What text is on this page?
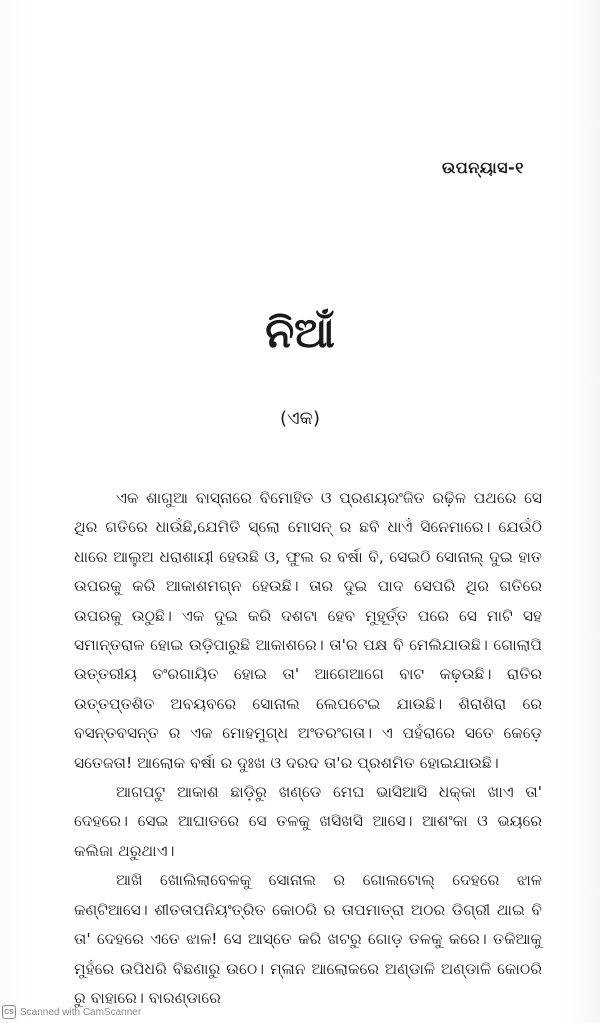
ଉପନ୍ୟାସ-୧
ନିଆଁ
(ଏକ)

ଏକ ଶାଗୁଆ ବାସ୍ନାରେ ବିମୋହିତ ଓ ପ୍ରଣୟରଂଜିତ ରଢ଼ିଳ ପଥରେ ସେ ଥିର ଗତିରେ ଧାଉଁଛି,ଯେମିତି ସ୍ଲୋ ମୋସନ୍ ର ଛବି ଧାଏଁ ସିନେମାରେ। ଯେଉଁଠି ଧାରେ ଆଲୁଅ ଧରାଶାୟୀ ହେଉଛି ଓ, ଫୁଲ ର ବର୍ଷା ବି, ସେଇଠି ସୋନାଲ୍ ଦୁଇ ହାତ ଉପରକୁ କରି ଆକାଶମଗ୍ନ ହେଉଛି। ତାର ଦୁଇ ପାଦ ସେପରି ଥିର ଗତିରେ ଉପରକୁ ଉଠୁଛି। ଏକ ଦୁଇ କରି ଦଶଟା ହେବ ମୁହୂର୍ତ୍ତ ପରେ ସେ ମାଟି ସହ ସମାନ୍ତରାଳ ହୋଇ ଉଡ଼ିପାରୁଛି ଆକାଶରେ। ତା'ର ପକ୍ଷ ବି ମେଲିଯାଉଛି। ଗୋଲାପି ଉତ୍ତରୀୟ ତଂରଗାୟିତ ହୋଇ ତା' ଆଗେଆଗେ ବାଟ କଢ଼ଉଛି। ରାତିର ଉତ୍ତପ୍ତଶିତ ଅବୟବରେ ସୋନାଲ ଲେପଟେଇ ଯାଉଛି। ଶିରାଶିରା ରେ ବସନ୍ତବସନ୍ତ ର ଏକ ମୋହମୁଗ୍ଧ ଅଂତରଂଗତା। ଏ ପହଁରାରେ ସତେ କେଡ଼େ ସତେଜତା! ଆଲୋକ ବର୍ଷା ର ଦୁଃଖ ଓ ଦରଦ ତା'ର ପ୍ରଶମିତ ହୋଇଯାଉଛି।

ଆଗପଟୁ ଆକାଶ ଛାଡ଼ିରୁ ଖଣ୍ଡେ ମେଘ ଭାସିଆସି ଧକ୍କା ଖାଏ ତା' ଦେହରେ। ସେଇ ଆଘାତରେ ସେ ତଳକୁ ଖସିଖସି ଆସେ। ଆଶଂକା ଓ ଭୟରେ କଲିଜା ଥରୁଥାଏ।

ଆଖି ଖୋଲିଲାବେଳକୁ ସୋନାଲ ର ଗୋଲଟୋଲ୍ ଦେହରେ ଝାଳ କଣ୍ଟିଆସେ। ଶୀତତାପନିୟଂତ୍ରିତ କୋଠରି ର ତାପମାତ୍ରା ଅଠର ଡିଗ୍ରୀ ଥାଇ ବି ତା' ଦେହରେ ଏତେ ଝାଳ! ସେ ଆସ୍ତେ କରି ଖଟରୁ ଗୋଡ଼ ତଳକୁ କରେ। ତକିଆକୁ ମୁହଁରେ ଉପିଧରି ବିଛଣାରୁ ଉଠେ। ମ୍ଳାନ ଆଲୋକରେ ଅଣ୍ଡାଳି ଅଣ୍ଡାଳି କୋଠରି ରୁ ବାହାରେ। ବାରଣ୍ଡାରେ

CS Scanned with CamScanner
